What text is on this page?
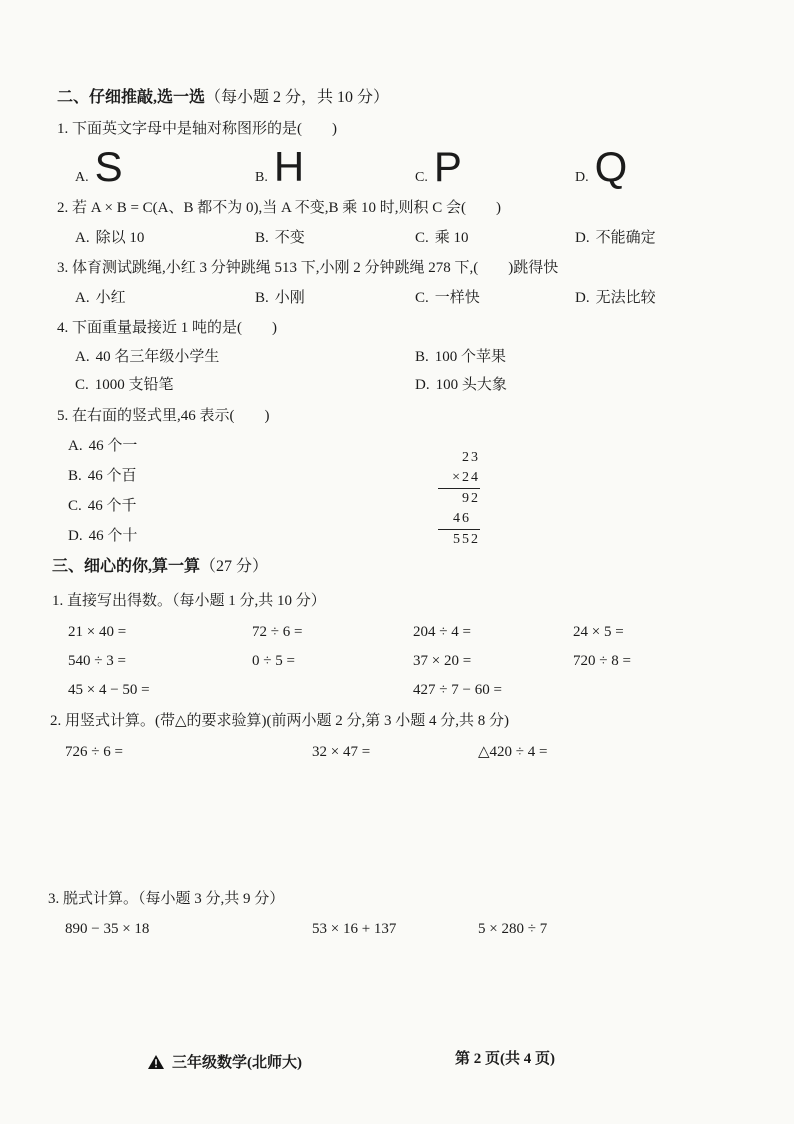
二、仔细推敲,选一选（每小题 2 分，共 10 分）
1. 下面英文字母中是轴对称图形的是(　　)
A. S	B. H	C. P	D. Q
2. 若 A × B = C(A、B 都不为 0),当 A 不变,B 乘 10 时,则积 C 会(　　)
A. 除以 10	B. 不变	C. 乘 10	D. 不能确定
3. 体育测试跳绳,小红 3 分钟跳绳 513 下,小刚 2 分钟跳绳 278 下,(　　)跳得快
A. 小红	B. 小刚	C. 一样快	D. 无法比较
4. 下面重量最接近 1 吨的是(　　)
A. 40 名三年级小学生	B. 100 个苹果
C. 1000 支铅笔	D. 100 头大象
5. 在右面的竖式里,46 表示(　　)
A. 46 个一
B. 46 个百
C. 46 个千
D. 46 个十
23
×24
92
46
552
三、细心的你,算一算（27 分）
1. 直接写出得数。（每小题 1 分,共 10 分）
21 × 40 =	72 ÷ 6 =	204 ÷ 4 =	24 × 5 =
540 ÷ 3 =	0 ÷ 5 =	37 × 20 =	720 ÷ 8 =
45 × 4 − 50 =	427 ÷ 7 − 60 =
2. 用竖式计算。(带△的要求验算)(前两小题 2 分,第 3 小题 4 分,共 8 分)
726 ÷ 6 =	32 × 47 =	△420 ÷ 4 =
3. 脱式计算。（每小题 3 分,共 9 分）
890 − 35 × 18	53 × 16 + 137	5 × 280 ÷ 7
三年级数学(北师大)	第 2 页(共 4 页)
